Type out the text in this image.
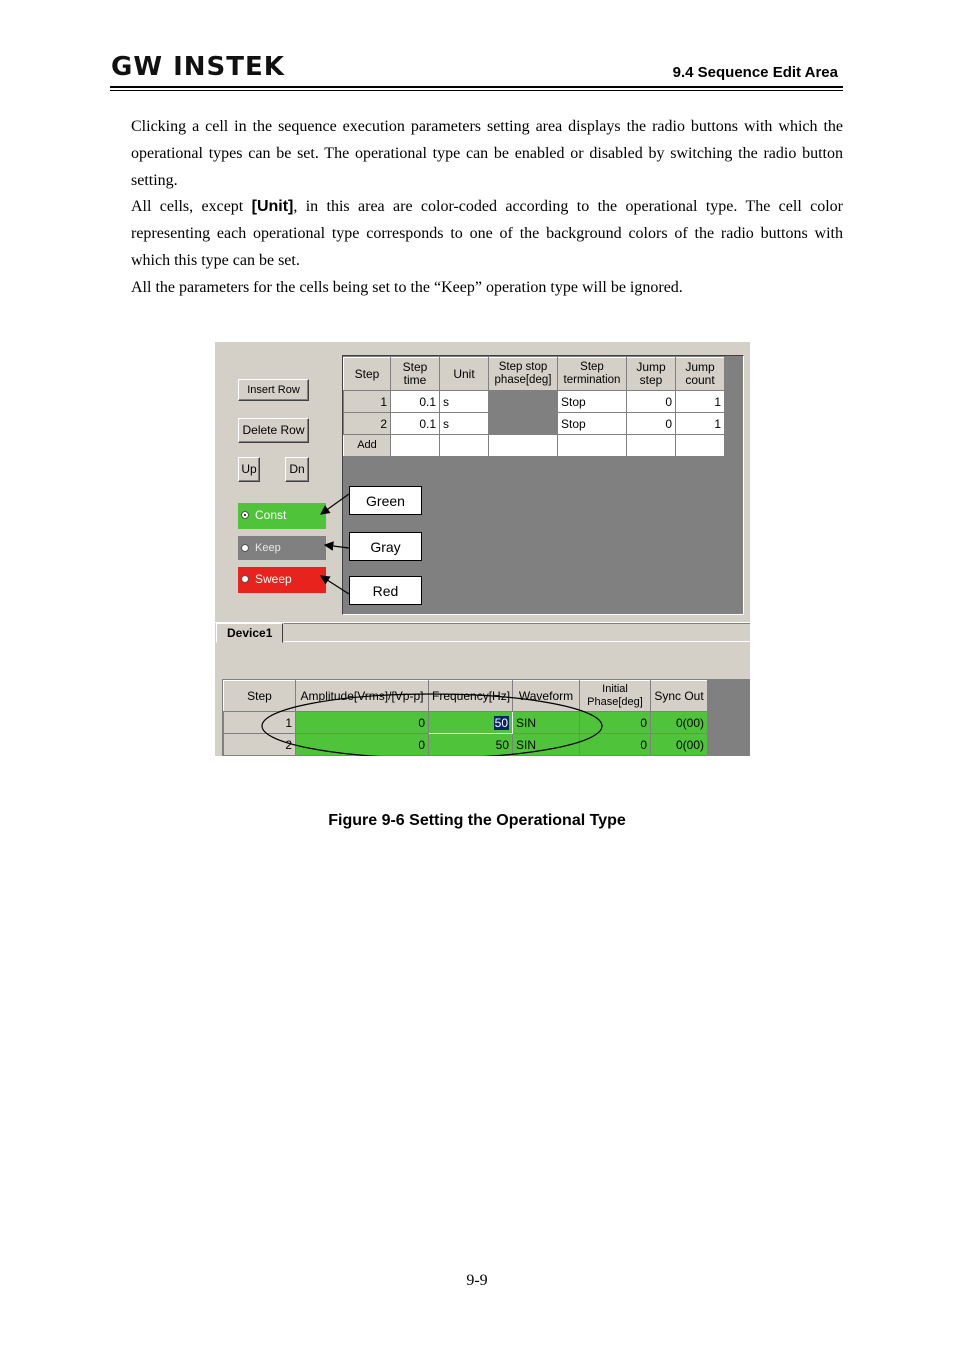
GW INSTEK	9.4 Sequence Edit Area

Clicking a cell in the sequence execution parameters setting area displays the radio buttons with which the operational types can be set. The operational type can be enabled or disabled by switching the radio button setting.

All cells, except [Unit], in this area are color-coded according to the operational type. The cell color representing each operational type corresponds to one of the background colors of the radio buttons with which this type can be set.

All the parameters for the cells being set to the “Keep” operation type will be ignored.

Insert Row
Delete Row
Up	Dn
Const
Keep
Sweep
Step	Step time	Unit	Step stop phase[deg]	Step termination	Jump step	Jump count
1	0.1	s		Stop	0	1
2	0.1	s		Stop	0	1
Add						
Green
Gray
Red
Device1
Step	Amplitude[Vrms]/[Vp-p]	Frequency[Hz]	Waveform	Initial Phase[deg]	Sync Out
1	0	50	SIN	0	0(00)
2	0	50	SIN	0	0(00)
Figure 9-6 Setting the Operational Type
9-9
